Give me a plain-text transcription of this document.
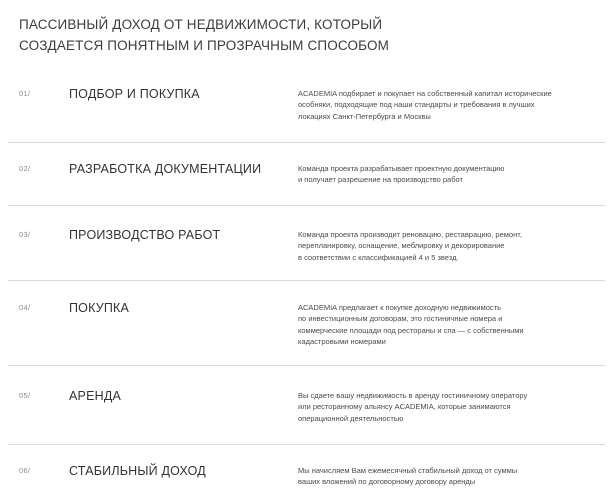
ПАССИВНЫЙ ДОХОД ОТ НЕДВИЖИМОСТИ, КОТОРЫЙ
СОЗДАЕТСЯ ПОНЯТНЫМ И ПРОЗРАЧНЫМ СПОСОБОМ
01/	ПОДБОР И ПОКУПКА	ACADEMIA подбирает и покупает на собственный капитал исторические
особняки, подходящие под наши стандарты и требования в лучших
локациях Санкт-Петербурга и Москвы

02/	РАЗРАБОТКА ДОКУМЕНТАЦИИ	Команда проекта разрабатывает проектную документацию
и получает разрешение на производство работ

03/	ПРОИЗВОДСТВО РАБОТ	Команда проекта производит реновацию, реставрацию, ремонт,
перепланировку, оснащение, меблировку и декорирование
в соответствии с классификацией 4 и 5 звезд.

04/	ПОКУПКА	ACADEMIA предлагает к покупке доходную недвижимость
по инвестиционным договорам, это гостиничные номера и
коммерческие площади под рестораны и спа — с собственными
кадастровыми номерами

05/	АРЕНДА	Вы сдаете вашу недвижимость в аренду гостиничному оператору
или ресторанному альянсу ACADEMIA, которые занимаются
операционной деятельностью

06/	СТАБИЛЬНЫЙ ДОХОД	Мы начисляем Вам ежемесячный стабильный доход от суммы
ваших вложений по договорному договору аренды
